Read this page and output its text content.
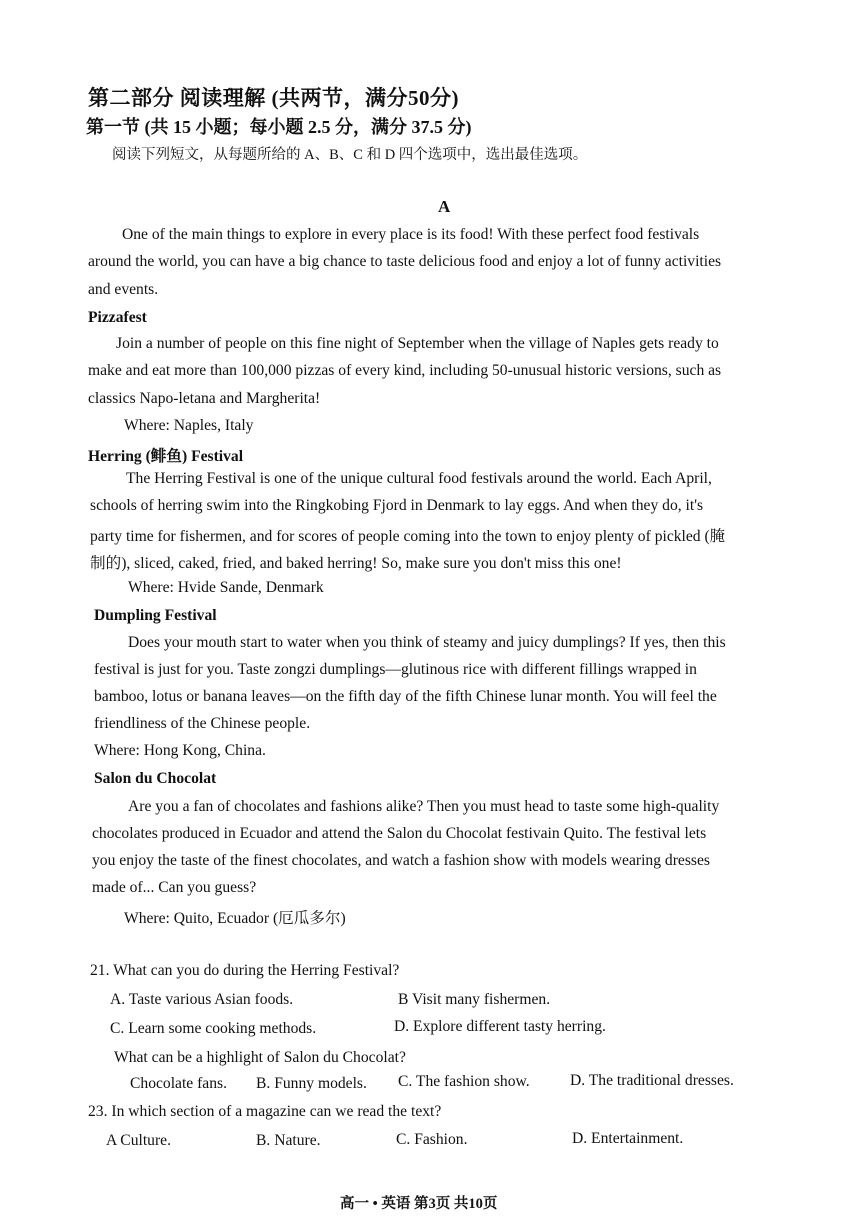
第二部分 阅读理解 (共两节，满分50分)
第一节 (共 15 小题；每小题 2.5 分，满分 37.5 分)
阅读下列短文，从每题所给的 A、B、C 和 D 四个选项中，选出最佳选项。
A
One of the main things to explore in every place is its food! With these perfect food festivals
around the world, you can have a big chance to taste delicious food and enjoy a lot of funny activities
and events.
Pizzafest
Join a number of people on this fine night of September when the village of Naples gets ready to
make and eat more than 100,000 pizzas of every kind, including 50-unusual historic versions, such as
classics Napo-letana and Margherita!
Where: Naples, Italy
Herring (鲱鱼) Festival
The Herring Festival is one of the unique cultural food festivals around the world. Each April,
schools of herring swim into the Ringkobing Fjord in Denmark to lay eggs. And when they do, it's
party time for fishermen, and for scores of people coming into the town to enjoy plenty of pickled (腌
制的), sliced, caked, fried, and baked herring! So, make sure you don't miss this one!
Where: Hvide Sande, Denmark
Dumpling Festival
Does your mouth start to water when you think of steamy and juicy dumplings? If yes, then this
festival is just for you. Taste zongzi dumplings—glutinous rice with different fillings wrapped in
bamboo, lotus or banana leaves—on the fifth day of the fifth Chinese lunar month. You will feel the
friendliness of the Chinese people.
Where: Hong Kong, China.
Salon du Chocolat
Are you a fan of chocolates and fashions alike? Then you must head to taste some high-quality
chocolates produced in Ecuador and attend the Salon du Chocolat festivain Quito. The festival lets
you enjoy the taste of the finest chocolates, and watch a fashion show with models wearing dresses
made of... Can you guess?
Where: Quito, Ecuador (厄瓜多尔)
21. What can you do during the Herring Festival?
A. Taste various Asian foods.	B Visit many fishermen.
C. Learn some cooking methods.	D. Explore different tasty herring.
What can be a highlight of Salon du Chocolat?
Chocolate fans. B. Funny models. C. The fashion show.	D. The traditional dresses.
23. In which section of a magazine can we read the text?
A Culture.	B. Nature.	C. Fashion.	D. Entertainment.
高一 • 英语 第3页 共10页
